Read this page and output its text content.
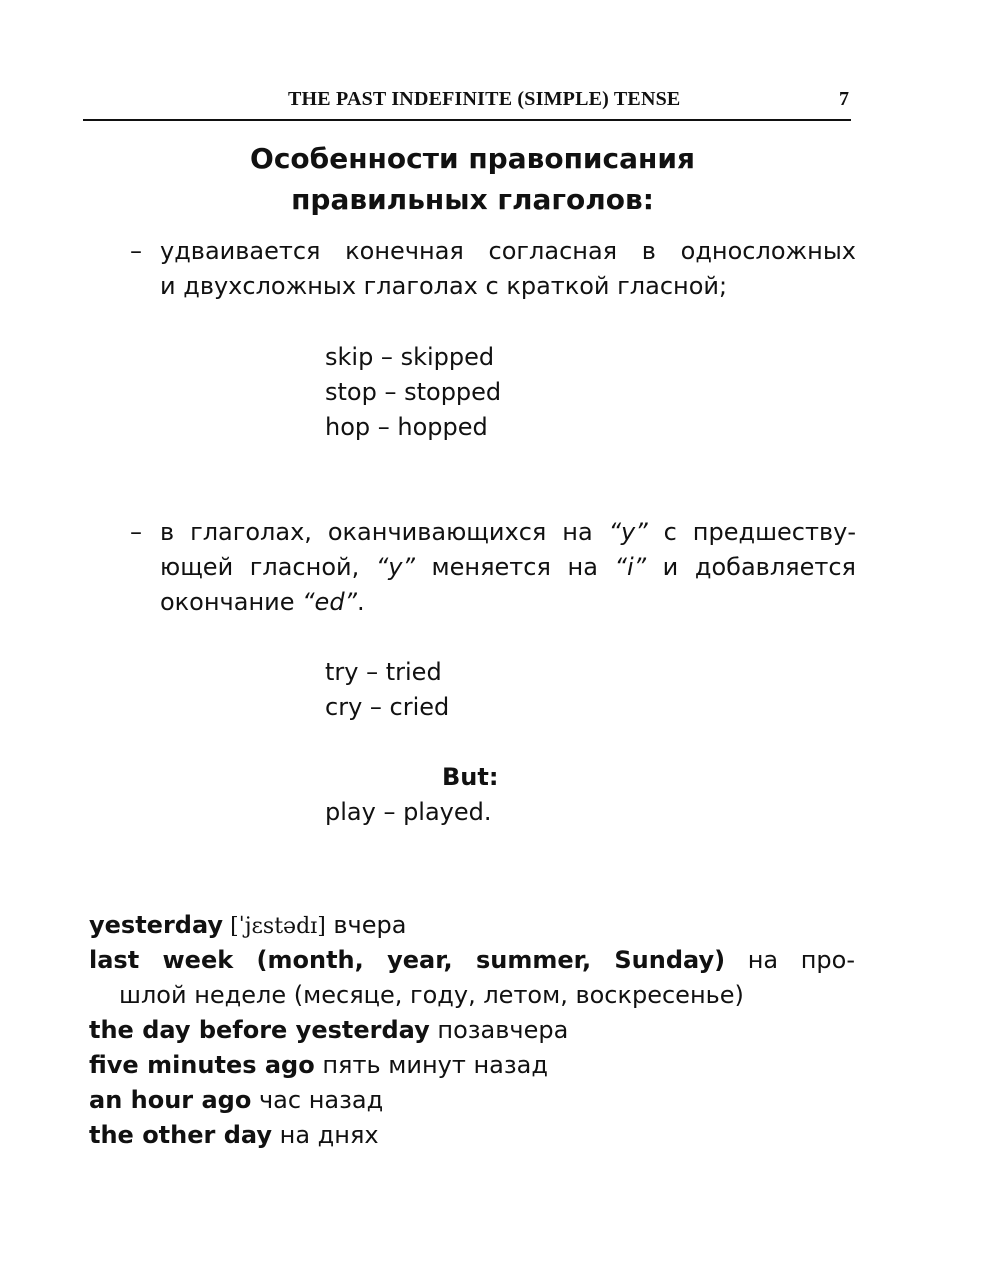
THE PAST INDEFINITE (SIMPLE) TENSE	7
Особенности правописания
правильных глаголов:
– удваивается конечная согласная в односложных
и двухсложных глаголах с краткой гласной;
skip – skipped
stop – stopped
hop – hopped
– в глаголах, оканчивающихся на “y” с предшеству-
ющей гласной, “y” меняется на “i” и добавляется
окончание “ed”.
try – tried
cry – cried
But:
play – played.
yesterday [ˈjɛstədɪ] вчера
last week (month, year, summer, Sunday) на про-
шлой неделе (месяце, году, летом, воскресенье)
the day before yesterday позавчера
five minutes ago пять минут назад
an hour ago час назад
the other day на днях
